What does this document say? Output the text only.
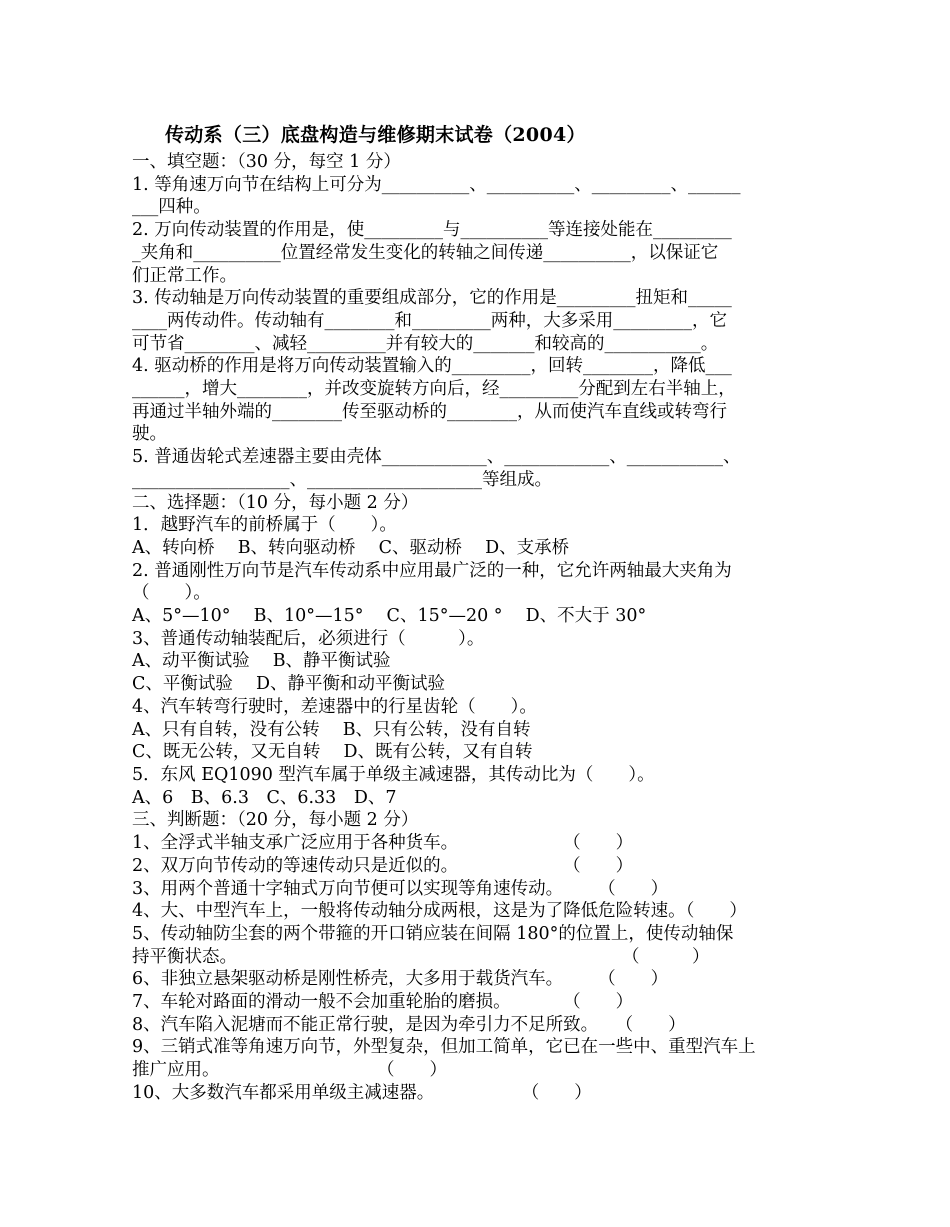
传动系（三）底盘构造与维修期末试卷（2004）
一、填空题：（30 分，每空 1 分）
1. 等角速万向节在结构上可分为__________、__________、_________、______
___四种。
2. 万向传动装置的作用是，使_________与__________等连接处能在_________
_夹角和__________位置经常发生变化的转轴之间传递__________，以保证它
们正常工作。
3. 传动轴是万向传动装置的重要组成部分，它的作用是_________扭矩和_____
____两传动件。传动轴有________和_________两种，大多采用_________，它
可节省________、减轻_________并有较大的_______和较高的___________。
4. 驱动桥的作用是将万向传动装置输入的_________，回转________，降低___
______，增大________，并改变旋转方向后，经_________分配到左右半轴上，
再通过半轴外端的________传至驱动桥的________，从而使汽车直线或转弯行
驶。
5. 普通齿轮式差速器主要由壳体____________、____________、___________、
__________________、____________________等组成。
二、选择题：（10 分，每小题 2 分）
1．越野汽车的前桥属于（　　）。
A、转向桥　 B、转向驱动桥　 C、驱动桥　 D、支承桥
2. 普通刚性万向节是汽车传动系中应用最广泛的一种，它允许两轴最大夹角为
（　　）。
A、5°—10°　 B、10°—15°　 C、15°—20 °　 D、不大于 30°
3、普通传动轴装配后，必须进行（　　　）。
A、动平衡试验　 B、静平衡试验
C、平衡试验　 D、静平衡和动平衡试验
4、汽车转弯行驶时，差速器中的行星齿轮（　　）。
A、只有自转，没有公转　 B、只有公转，没有自转
C、既无公转，又无自转　 D、既有公转，又有自转
5．东风 EQ1090 型汽车属于单级主减速器，其传动比为（　　）。
A、6　B、6.3　C、6.33　D、7
三、判断题：（20 分，每小题 2 分）
1、全浮式半轴支承广泛应用于各种货车。　　　　　　　（　　）
2、双万向节传动的等速传动只是近似的。　　　　　　　（　　）
3、用两个普通十字轴式万向节便可以实现等角速传动。　　　（　　）
4、大、中型汽车上，一般将传动轴分成两根，这是为了降低危险转速。（　　）
5、传动轴防尘套的两个带箍的开口销应装在间隔 180°的位置上，使传动轴保
持平衡状态。　　　　　　　　　　　　　　　　　　　　　　　（　　　）
6、非独立悬架驱动桥是刚性桥壳，大多用于载货汽车。　　　（　　）
7、车轮对路面的滑动一般不会加重轮胎的磨损。　　　　（　　）
8、汽车陷入泥塘而不能正常行驶，是因为牵引力不足所致。　　（　　）
9、三销式准等角速万向节，外型复杂，但加工简单，它已在一些中、重型汽车上
推广应用。　　　　　　　　　　（　　）
10、大多数汽车都采用单级主减速器。　　　　　　（　　）
